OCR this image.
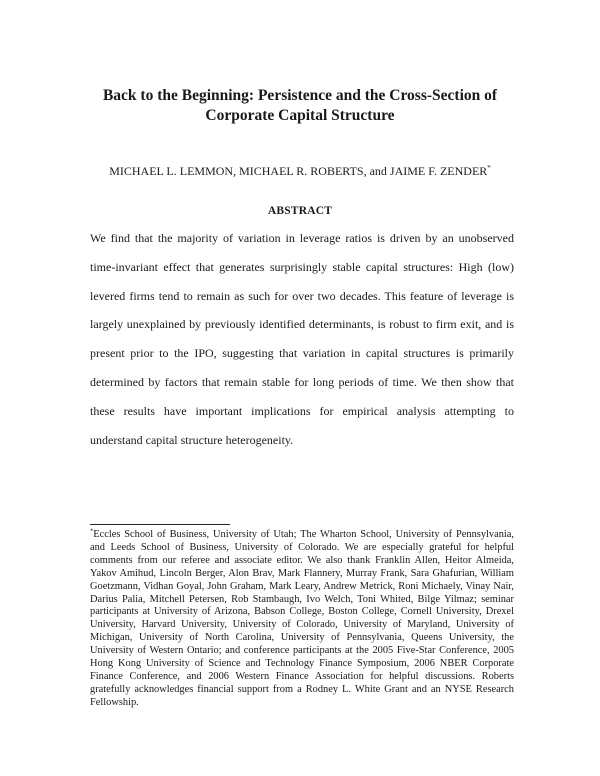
Back to the Beginning: Persistence and the Cross-Section of
Corporate Capital Structure
MICHAEL L. LEMMON, MICHAEL R. ROBERTS, and JAIME F. ZENDER*
ABSTRACT

We find that the majority of variation in leverage ratios is driven by an unobserved time-invariant effect that generates surprisingly stable capital structures: High (low) levered firms tend to remain as such for over two decades. This feature of leverage is largely unexplained by previously identified determinants, is robust to firm exit, and is present prior to the IPO, suggesting that variation in capital structures is primarily determined by factors that remain stable for long periods of time. We then show that these results have important implications for empirical analysis attempting to understand capital structure heterogeneity.

*Eccles School of Business, University of Utah; The Wharton School, University of Pennsylvania, and Leeds School of Business, University of Colorado. We are especially grateful for helpful comments from our referee and associate editor. We also thank Franklin Allen, Heitor Almeida, Yakov Amihud, Lincoln Berger, Alon Brav, Mark Flannery, Murray Frank, Sara Ghafurian, William Goetzmann, Vidhan Goyal, John Graham, Mark Leary, Andrew Metrick, Roni Michaely, Vinay Nair, Darius Palia, Mitchell Petersen, Rob Stambaugh, Ivo Welch, Toni Whited, Bilge Yilmaz; seminar participants at University of Arizona, Babson College, Boston College, Cornell University, Drexel University, Harvard University, University of Colorado, University of Maryland, University of Michigan, University of North Carolina, University of Pennsylvania, Queens University, the University of Western Ontario; and conference participants at the 2005 Five-Star Conference, 2005 Hong Kong University of Science and Technology Finance Symposium, 2006 NBER Corporate Finance Conference, and 2006 Western Finance Association for helpful discussions. Roberts gratefully acknowledges financial support from a Rodney L. White Grant and an NYSE Research Fellowship.
